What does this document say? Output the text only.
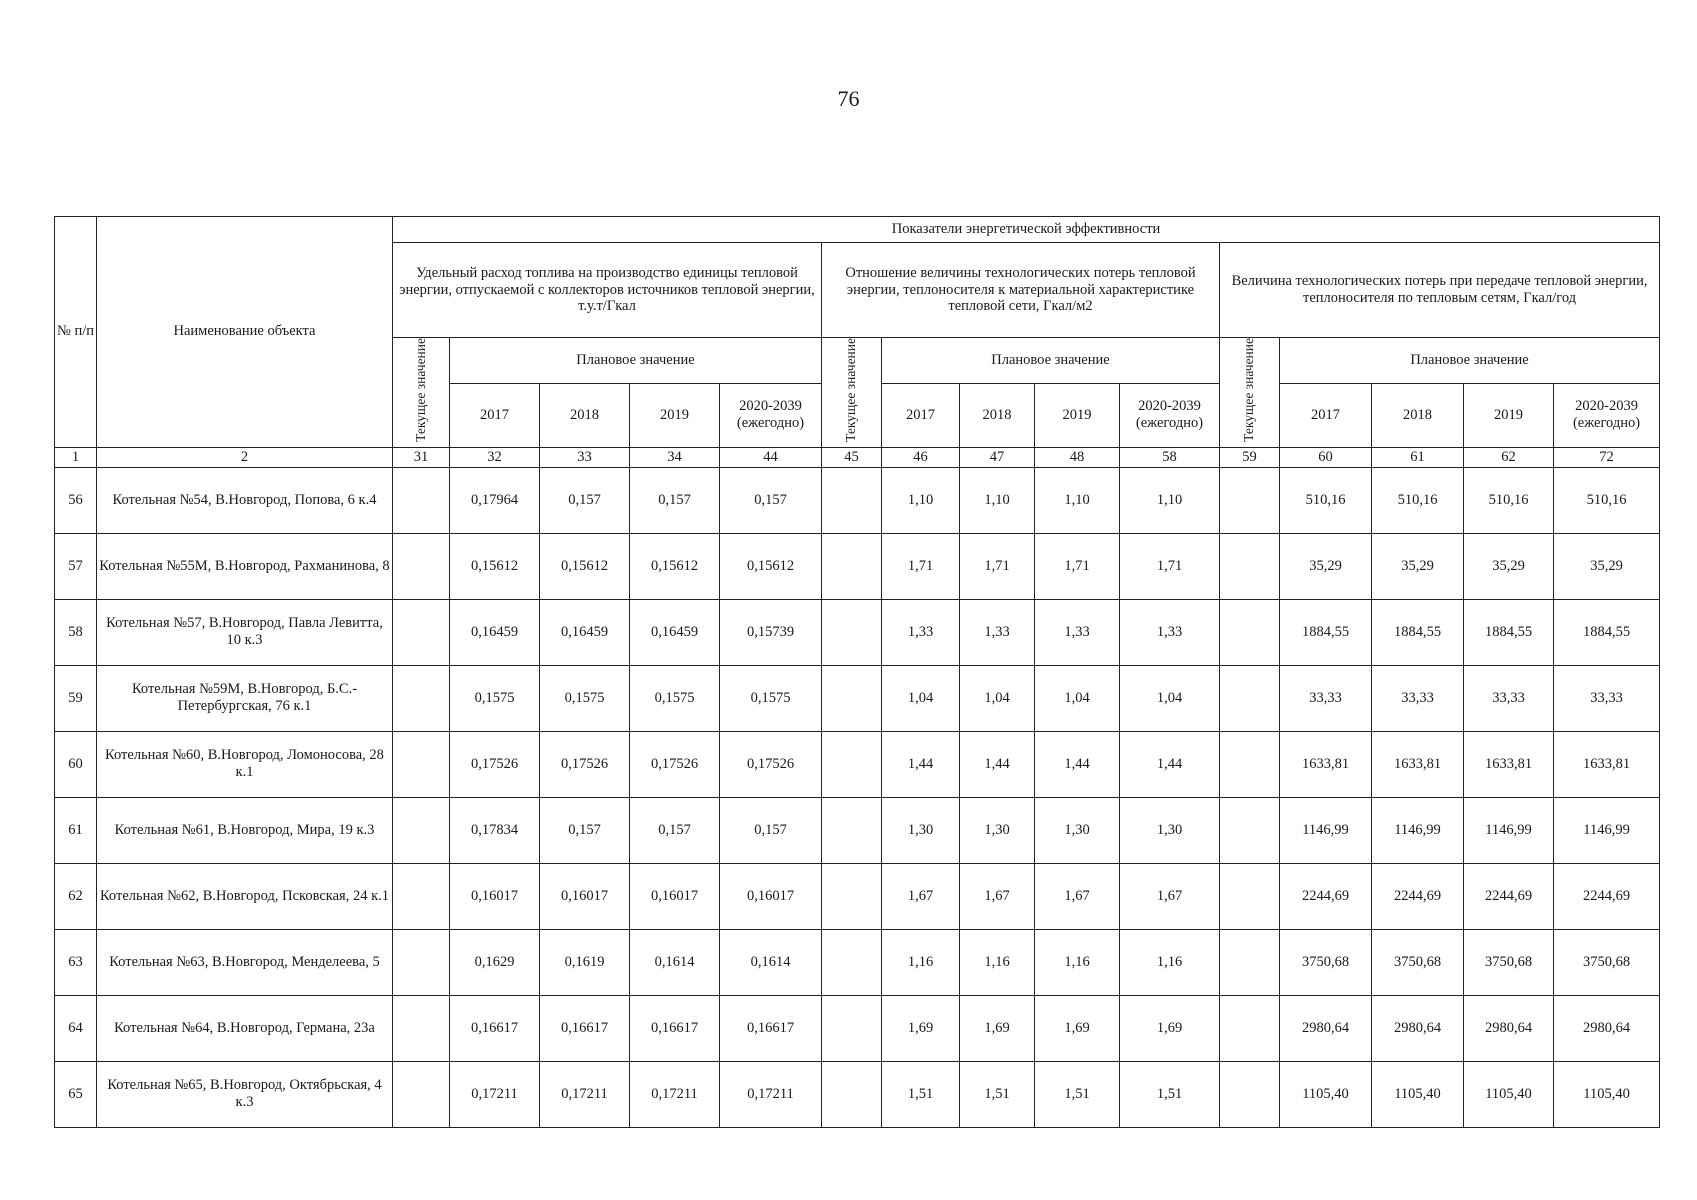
76
№ п/п	Наименование объекта	Показатели энергетической эффективности														
		Удельный расход топлива на производство единицы тепловой энергии, отпускаемой с коллекторов источников тепловой энергии, т.у.т/Гкал					Отношение величины технологических потерь тепловой энергии, теплоносителя к материальной характеристике тепловой сети, Гкал/м2					Величина технологических потерь при передаче тепловой энергии, теплоносителя по тепловым сетям, Гкал/год				
		Текущее значение	Плановое значение				Текущее значение	Плановое значение				Текущее значение	Плановое значение			
			2017	2018	2019	2020-2039 (ежегодно)		2017	2018	2019	2020-2039 (ежегодно)		2017	2018	2019	2020-2039 (ежегодно)
1	2	31	32	33	34	44	45	46	47	48	58	59	60	61	62	72
56	Котельная №54, В.Новгород, Попова, 6 к.4		0,17964	0,157	0,157	0,157		1,10	1,10	1,10	1,10		510,16	510,16	510,16	510,16
57	Котельная №55М, В.Новгород, Рахманинова, 8		0,15612	0,15612	0,15612	0,15612		1,71	1,71	1,71	1,71		35,29	35,29	35,29	35,29
58	Котельная №57, В.Новгород, Павла Левитта, 10 к.3		0,16459	0,16459	0,16459	0,15739		1,33	1,33	1,33	1,33		1884,55	1884,55	1884,55	1884,55
59	Котельная №59М, В.Новгород, Б.С.-Петербургская, 76 к.1		0,1575	0,1575	0,1575	0,1575		1,04	1,04	1,04	1,04		33,33	33,33	33,33	33,33
60	Котельная №60, В.Новгород, Ломоносова, 28 к.1		0,17526	0,17526	0,17526	0,17526		1,44	1,44	1,44	1,44		1633,81	1633,81	1633,81	1633,81
61	Котельная №61, В.Новгород, Мира, 19 к.3		0,17834	0,157	0,157	0,157		1,30	1,30	1,30	1,30		1146,99	1146,99	1146,99	1146,99
62	Котельная №62, В.Новгород, Псковская, 24 к.1		0,16017	0,16017	0,16017	0,16017		1,67	1,67	1,67	1,67		2244,69	2244,69	2244,69	2244,69
63	Котельная №63, В.Новгород, Менделеева, 5		0,1629	0,1619	0,1614	0,1614		1,16	1,16	1,16	1,16		3750,68	3750,68	3750,68	3750,68
64	Котельная №64, В.Новгород, Германа, 23а		0,16617	0,16617	0,16617	0,16617		1,69	1,69	1,69	1,69		2980,64	2980,64	2980,64	2980,64
65	Котельная №65, В.Новгород, Октябрьская, 4 к.3		0,17211	0,17211	0,17211	0,17211		1,51	1,51	1,51	1,51		1105,40	1105,40	1105,40	1105,40
